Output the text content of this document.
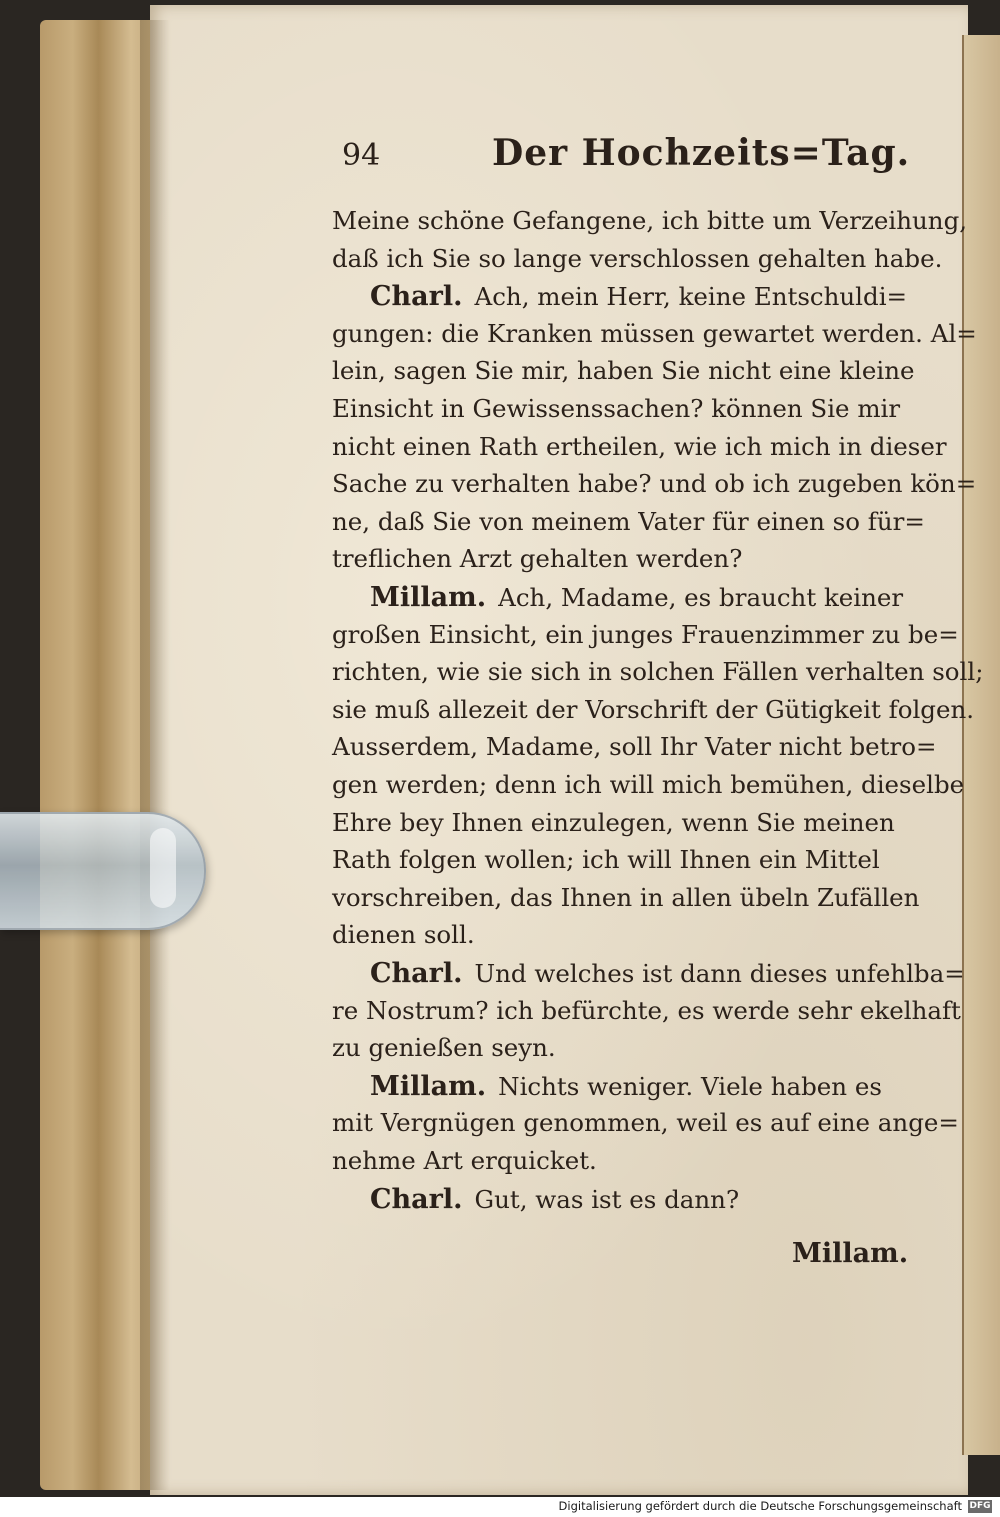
94	Der Hochzeits=Tag.
Meine schöne Gefangene, ich bitte um Verzeihung,
daß ich Sie so lange verschlossen gehalten habe.
Charl. Ach, mein Herr, keine Entschuldi=
gungen: die Kranken müssen gewartet werden. Al=
lein, sagen Sie mir, haben Sie nicht eine kleine
Einsicht in Gewissenssachen? können Sie mir
nicht einen Rath ertheilen, wie ich mich in dieser
Sache zu verhalten habe? und ob ich zugeben kön=
ne, daß Sie von meinem Vater für einen so für=
treflichen Arzt gehalten werden?
Millam. Ach, Madame, es braucht keiner
großen Einsicht, ein junges Frauenzimmer zu be=
richten, wie sie sich in solchen Fällen verhalten soll;
sie muß allezeit der Vorschrift der Gütigkeit folgen.
Ausserdem, Madame, soll Ihr Vater nicht betro=
gen werden; denn ich will mich bemühen, dieselbe
Ehre bey Ihnen einzulegen, wenn Sie meinen
Rath folgen wollen; ich will Ihnen ein Mittel
vorschreiben, das Ihnen in allen übeln Zufällen
dienen soll.
Charl. Und welches ist dann dieses unfehlba=
re Nostrum? ich befürchte, es werde sehr ekelhaft
zu genießen seyn.
Millam. Nichts weniger. Viele haben es
mit Vergnügen genommen, weil es auf eine ange=
nehme Art erquicket.
Charl. Gut, was ist es dann?
Millam.
Digitalisierung gefördert durch die Deutsche Forschungsgemeinschaft DFG
